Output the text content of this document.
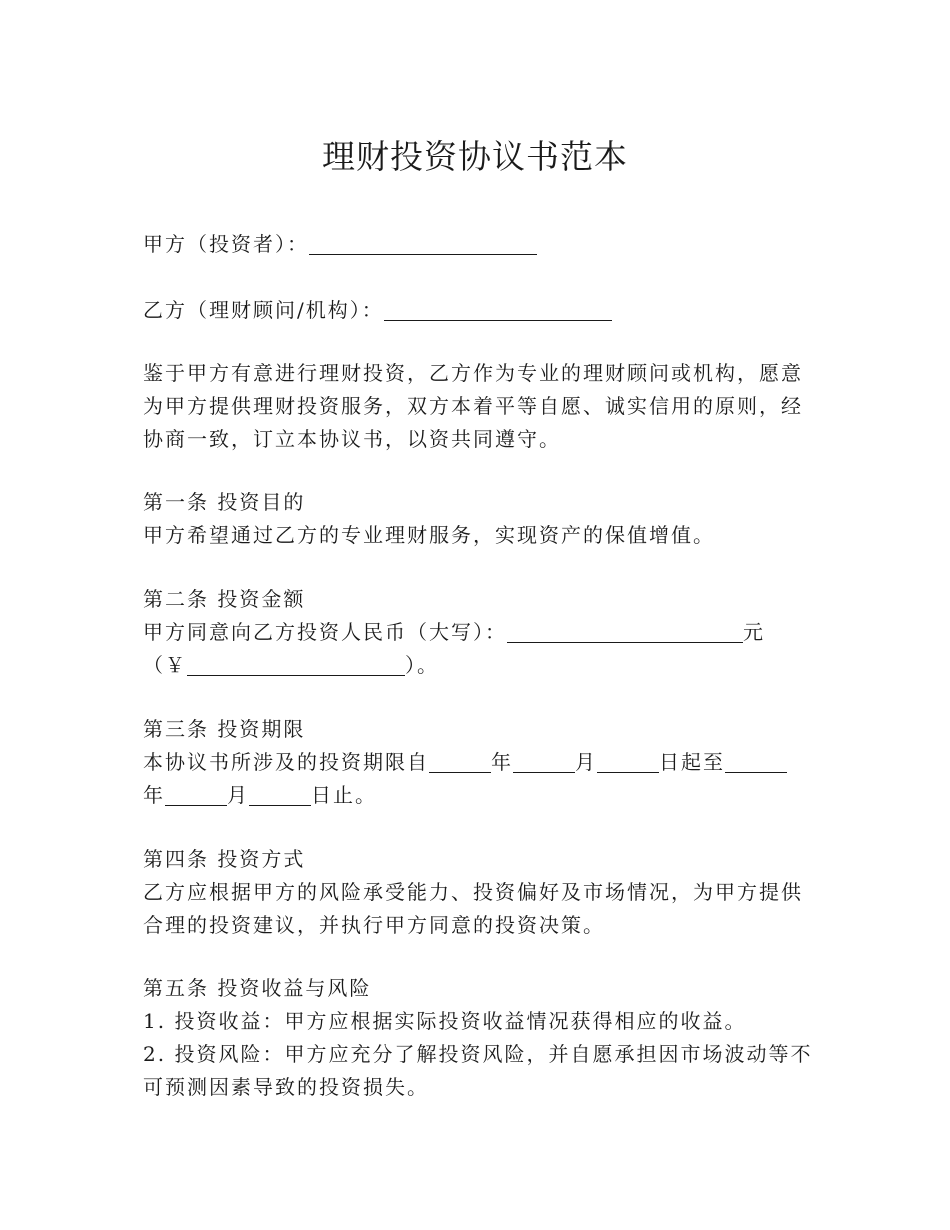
理财投资协议书范本
甲方（投资者）：
乙方（理财顾问/机构）：
鉴于甲方有意进行理财投资，乙方作为专业的理财顾问或机构，愿意
为甲方提供理财投资服务，双方本着平等自愿、诚实信用的原则，经
协商一致，订立本协议书，以资共同遵守。
第一条 投资目的
甲方希望通过乙方的专业理财服务，实现资产的保值增值。
第二条 投资金额
甲方同意向乙方投资人民币（大写）：	元
（￥	）。
第三条 投资期限
本协议书所涉及的投资期限自	年	月	日起至
年	月	日止。
第四条 投资方式
乙方应根据甲方的风险承受能力、投资偏好及市场情况，为甲方提供
合理的投资建议，并执行甲方同意的投资决策。
第五条 投资收益与风险
1. 投资收益：甲方应根据实际投资收益情况获得相应的收益。
2. 投资风险：甲方应充分了解投资风险，并自愿承担因市场波动等不
可预测因素导致的投资损失。
